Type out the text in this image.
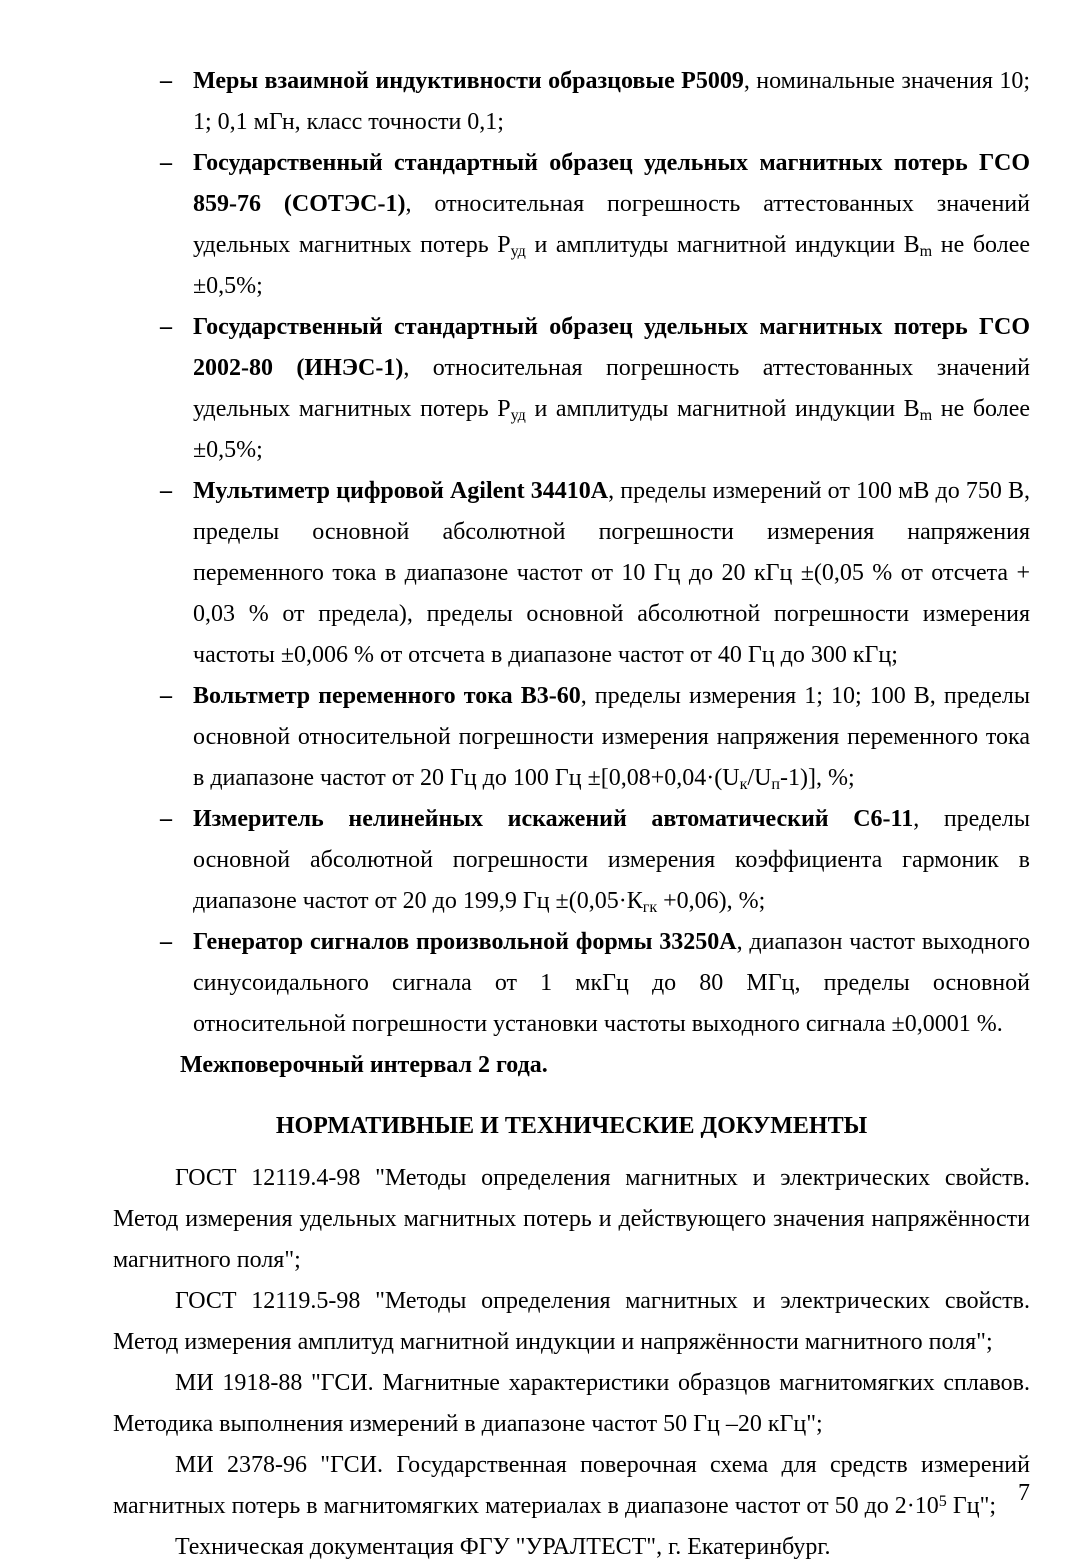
– Меры взаимной индуктивности образцовые Р5009, номинальные значения 10; 1; 0,1 мГн, класс точности 0,1;

– Государственный стандартный образец удельных магнитных потерь ГСО 859-76 (СОТЭС-1), относительная погрешность аттестованных значений удельных магнитных потерь $Р_{уд}$ и амплитуды магнитной индукции $В_m$ не более ±0,5%;

– Государственный стандартный образец удельных магнитных потерь ГСО 2002-80 (ИНЭС-1), относительная погрешность аттестованных значений удельных магнитных потерь $Р_{уд}$ и амплитуды магнитной индукции $В_m$ не более ±0,5%;

– Мультиметр цифровой Agilent 34410А, пределы измерений от 100 мВ до 750 В, пределы основной абсолютной погрешности измерения напряжения переменного тока в диапазоне частот от 10 Гц до 20 кГц ±(0,05 % от отсчета + 0,03 % от предела), пределы основной абсолютной погрешности измерения частоты ±0,006 % от отсчета в диапазоне частот от 40 Гц до 300 кГц;

– Вольтметр переменного тока В3-60, пределы измерения 1; 10; 100 В, пределы основной относительной погрешности измерения напряжения переменного тока в диапазоне частот от 20 Гц до 100 Гц $\pm[0,08+0,04\cdot(U_к/U_п-1)]$, %;

– Измеритель нелинейных искажений автоматический С6-11, пределы основной абсолютной погрешности измерения коэффициента гармоник в диапазоне частот от 20 до 199,9 Гц $\pm(0,05\cdot К_{гк} +0,06)$, %;

– Генератор сигналов произвольной формы 33250А, диапазон частот выходного синусоидального сигнала от 1 мкГц до 80 МГц, пределы основной относительной погрешности установки частоты выходного сигнала ±0,0001 %.

Межповерочный интервал 2 года.

НОРМАТИВНЫЕ И ТЕХНИЧЕСКИЕ ДОКУМЕНТЫ

ГОСТ 12119.4-98 "Методы определения магнитных и электрических свойств. Метод измерения удельных магнитных потерь и действующего значения напряжённости магнитного поля";

ГОСТ 12119.5-98 "Методы определения магнитных и электрических свойств. Метод измерения амплитуд магнитной индукции и напряжённости магнитного поля";

МИ 1918-88 "ГСИ. Магнитные характеристики образцов магнитомягких сплавов. Методика выполнения измерений в диапазоне частот 50 Гц –20 кГц";

МИ 2378-96 "ГСИ. Государственная поверочная схема для средств измерений магнитных потерь в магнитомягких материалах в диапазоне частот от 50 до $2\cdot 10^5$ Гц";

Техническая документация ФГУ "УРАЛТЕСТ", г. Екатеринбург.

7
